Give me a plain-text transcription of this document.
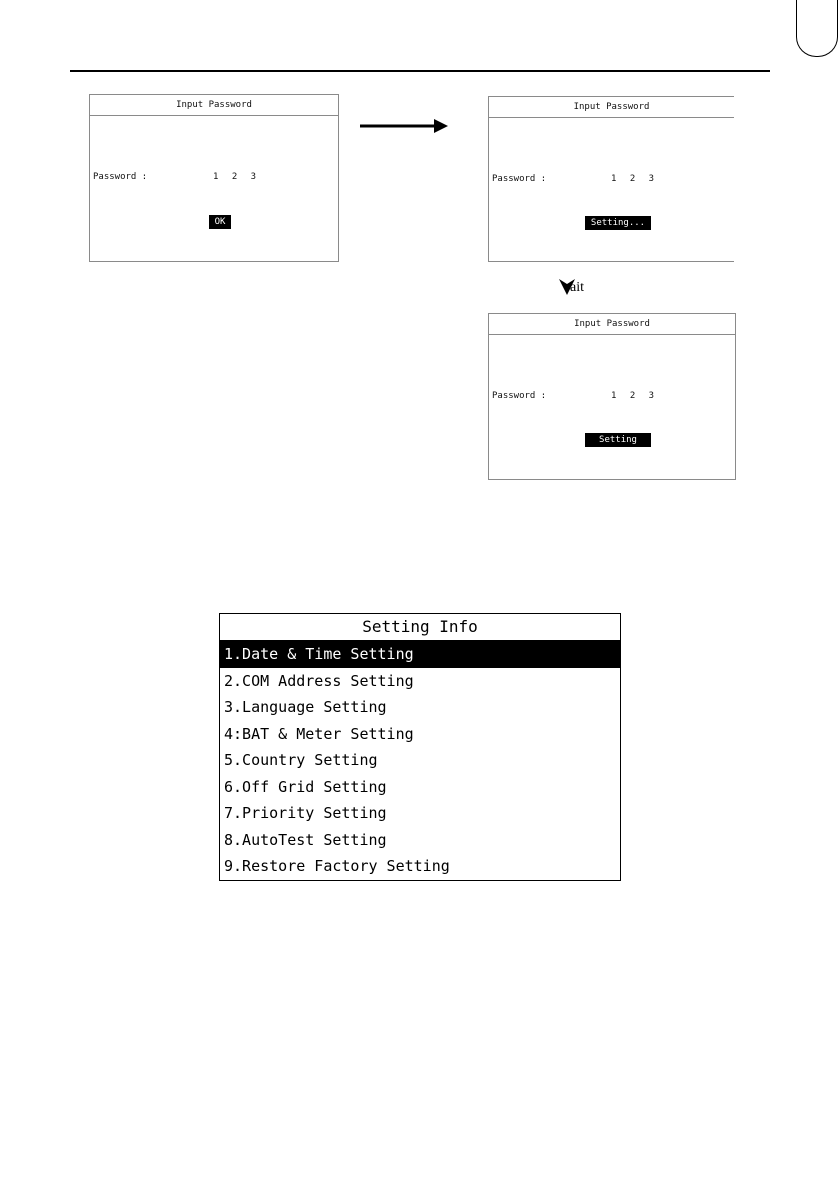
Input Password
Password :	1 2 3
OK
Input Password
Password :	1 2 3
Setting...
ait
Input Password
Password :	1 2 3
Setting Ok!
Setting Info
1.Date & Time Setting
2.COM Address Setting
3.Language Setting
4:BAT & Meter Setting
5.Country Setting
6.Off Grid Setting
7.Priority Setting
8.AutoTest Setting
9.Restore Factory Setting
